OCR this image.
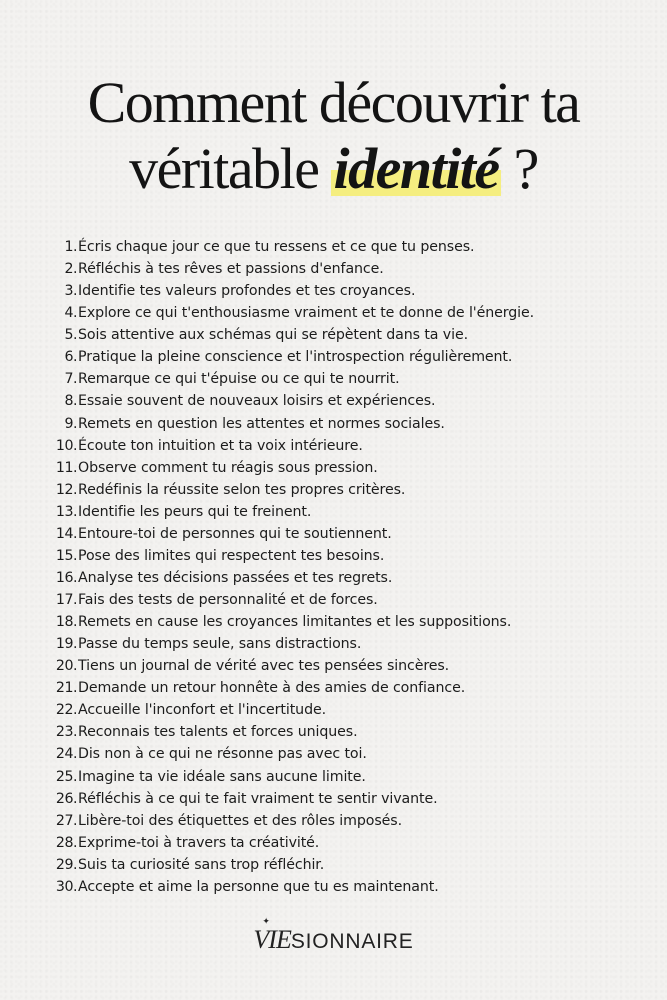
Comment découvrir ta
véritable identité ?
1. Écris chaque jour ce que tu ressens et ce que tu penses.
2. Réfléchis à tes rêves et passions d'enfance.
3. Identifie tes valeurs profondes et tes croyances.
4. Explore ce qui t'enthousiasme vraiment et te donne de l'énergie.
5. Sois attentive aux schémas qui se répètent dans ta vie.
6. Pratique la pleine conscience et l'introspection régulièrement.
7. Remarque ce qui t'épuise ou ce qui te nourrit.
8. Essaie souvent de nouveaux loisirs et expériences.
9. Remets en question les attentes et normes sociales.
10. Écoute ton intuition et ta voix intérieure.
11. Observe comment tu réagis sous pression.
12. Redéfinis la réussite selon tes propres critères.
13. Identifie les peurs qui te freinent.
14. Entoure-toi de personnes qui te soutiennent.
15. Pose des limites qui respectent tes besoins.
16. Analyse tes décisions passées et tes regrets.
17. Fais des tests de personnalité et de forces.
18. Remets en cause les croyances limitantes et les suppositions.
19. Passe du temps seule, sans distractions.
20. Tiens un journal de vérité avec tes pensées sincères.
21. Demande un retour honnête à des amies de confiance.
22. Accueille l'inconfort et l'incertitude.
23. Reconnais tes talents et forces uniques.
24. Dis non à ce qui ne résonne pas avec toi.
25. Imagine ta vie idéale sans aucune limite.
26. Réfléchis à ce qui te fait vraiment te sentir vivante.
27. Libère-toi des étiquettes et des rôles imposés.
28. Exprime-toi à travers ta créativité.
29. Suis ta curiosité sans trop réfléchir.
30. Accepte et aime la personne que tu es maintenant.
✦
VIESIONNAIRE
